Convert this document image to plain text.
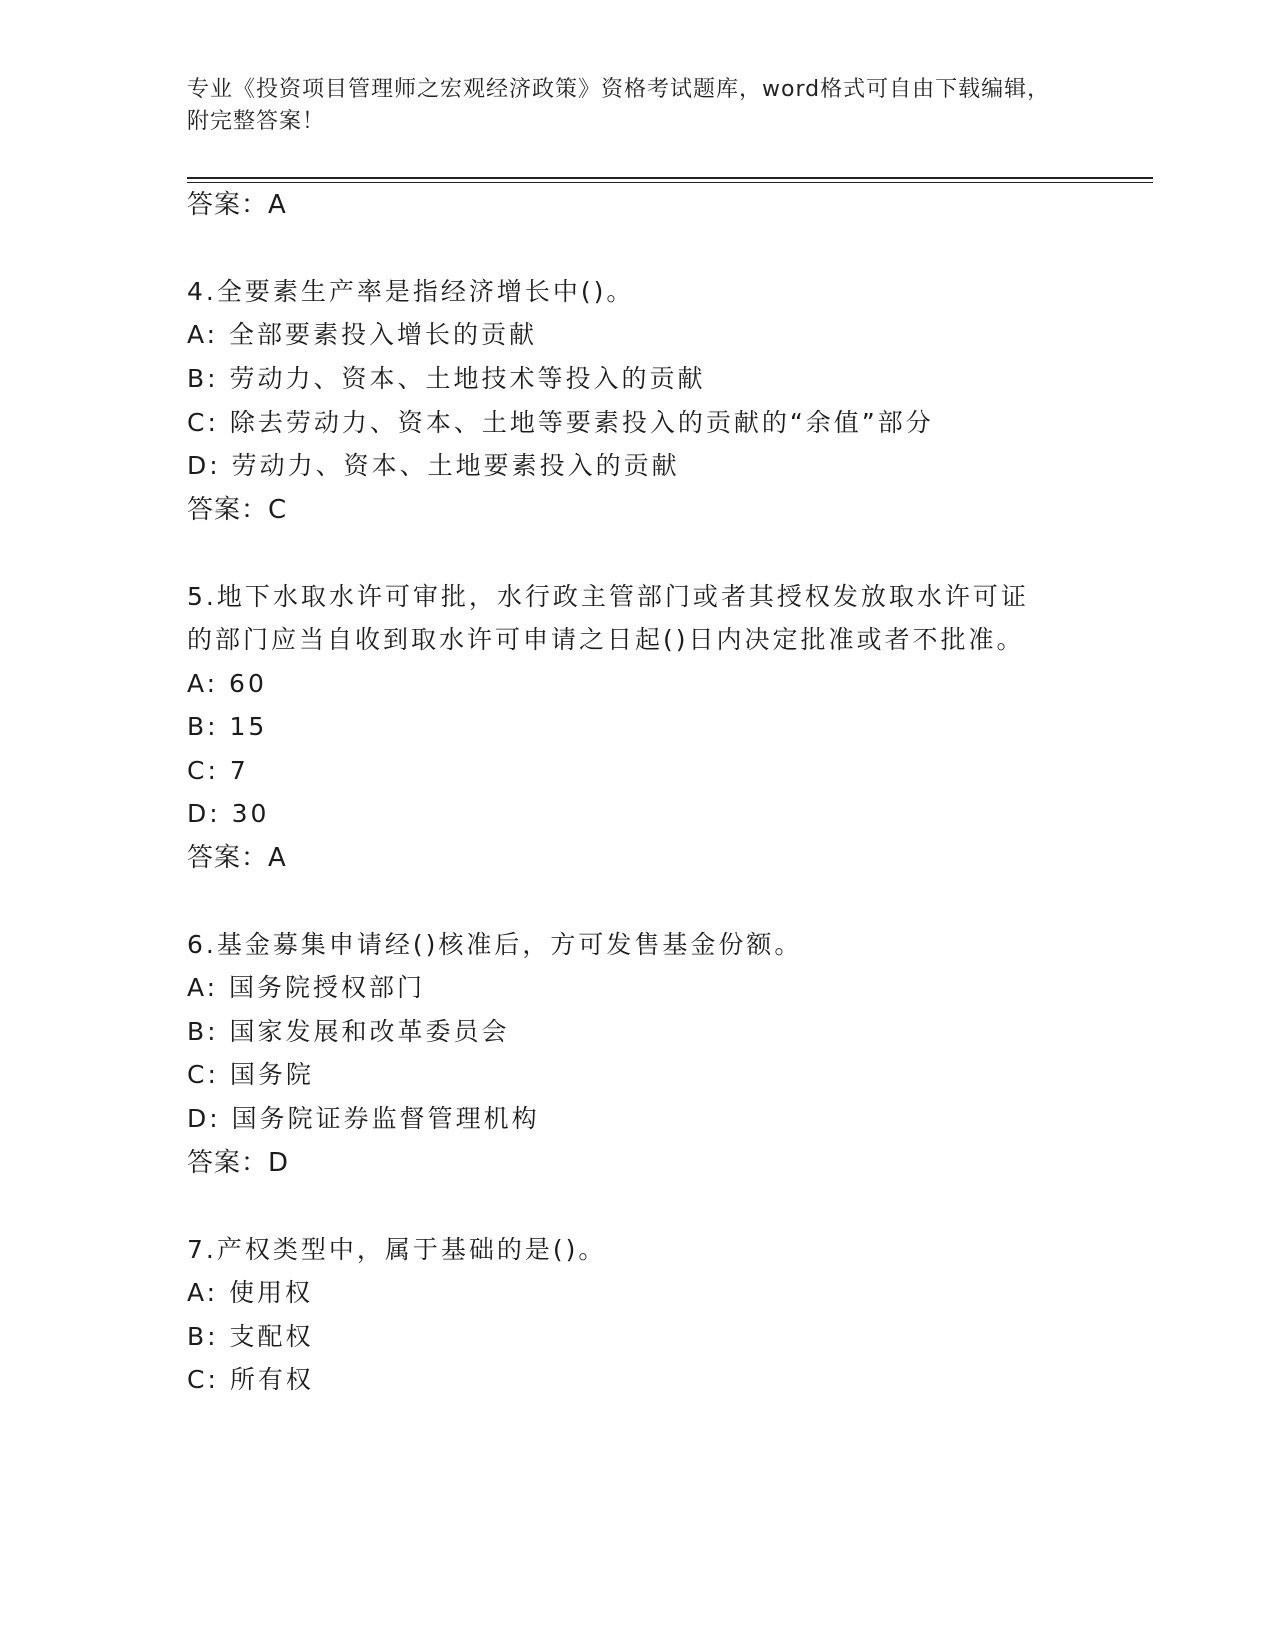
专业《投资项目管理师之宏观经济政策》资格考试题库，word格式可自由下载编辑，附完整答案！
答案：A
4.全要素生产率是指经济增长中()。
A: 全部要素投入增长的贡献
B: 劳动力、资本、土地技术等投入的贡献
C: 除去劳动力、资本、土地等要素投入的贡献的“余值”部分
D: 劳动力、资本、土地要素投入的贡献
答案：C
5.地下水取水许可审批，水行政主管部门或者其授权发放取水许可证
的部门应当自收到取水许可申请之日起()日内决定批准或者不批准。
A: 60
B: 15
C: 7
D: 30
答案：A
6.基金募集申请经()核准后，方可发售基金份额。
A: 国务院授权部门
B: 国家发展和改革委员会
C: 国务院
D: 国务院证券监督管理机构
答案：D
7.产权类型中，属于基础的是()。
A: 使用权
B: 支配权
C: 所有权
